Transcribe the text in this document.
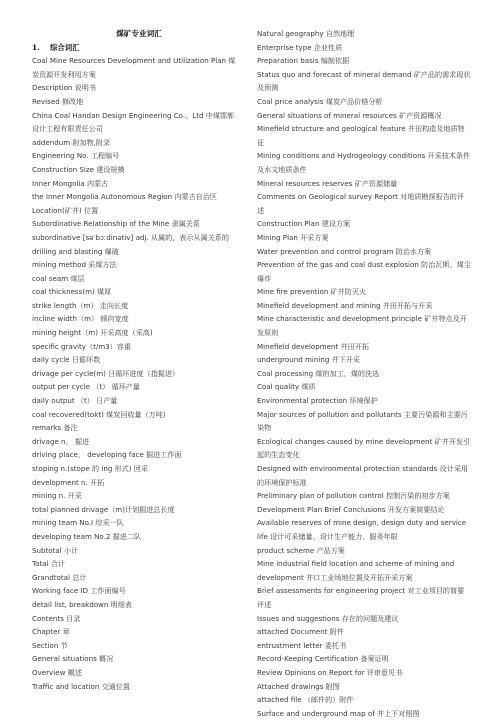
煤矿专业词汇
1. 综合词汇
Coal Mine Resources Development and Utilization Plan 煤炭资源开发利用方案
Description 说明书
Revised 修改地
China Coal Handan Design Engineering Co.、Ltd 中煤邯郸设计工程有限责任公司
addendum 附加物,附录
Engineering No. 工程编号
Construction Size 建设规模
Inner Mongolia 内蒙古
the Inner Mongolia Autonomous Region 内蒙古自治区
Location(矿井) 位置
Subordinative Relationship of the Mine 隶属关系
subordinative [səˈbɔːdinətiv] adj. 从属的，表示从属关系的
drilling and blasting 爆破
mining method 采煤方法
coal seam 煤层
coal thickness(m) 煤厚
strike length（m） 走向长度
incline width（m） 倾向宽度
mining height（m) 开采高度（采高)
specific gravity（t/m3）容重
daily cycle 日循环数
drivage per cycle(m) 日循环进度（指掘进）
output per cycle （t） 循环产量
daily output （t） 日产量
coal recovered(tokt) 煤炭回收量（万吨)
remarks 备注
drivage n。 掘进
driving place， developing face 掘进工作面
stoping n.(stope 的 ing 形式) 回采
development n. 开拓
mining n. 开采
total planned drivage（m)计划掘进总长度
mining team No.I 综采一队
developing team No.2 掘进二队
Subtotal 小计
Total 合计
Grandtotal 总计
Working face ID 工作面编号
detail list, breakdown 明细表
Contents 目录
Chapter 章
Section 节
General situations 概况
Overview 概述
Traffic and location 交通位置
Natural geography 自然地理
Enterprise type 企业性质
Preparation basis 编制依据
Status quo and forecast of mineral demand 矿产品的需求现状及预测
Coal price analysis 煤炭产品价格分析
General situations of mineral resources 矿产资源概况
Minefield structure and geological feature 井田构造及地质特征
Mining conditions and Hydrogeology conditions 开采技术条件及水文地质条件
Mineral resources reserves 矿产资源储量
Comments on Geological survey Report 对地质勘探报告的评述
Construction Plan 建设方案
Mining Plan 开采方案
Water prevention and control program 防治水方案
Prevention of the gas and coal dust explosion 防治瓦斯、煤尘爆炸
Mine fire prevention 矿井防灭火
Minefield development and mining 井田开拓与开采
Mine characteristic and development principle 矿井特点及开发原则
Minefield development 井田开拓
underground mining 井下开采
Coal processing 煤的加工，煤的洗选
Coal quality 煤质
Environmental protection 环境保护
Major sources of pollution and pollutants 主要污染源和主要污染物
Ecological changes caused by mine development 矿井开发引起的生态变化
Designed with environmental protection standards 设计采用的环境保护标准
Preliminary plan of pollution control 控制污染的初步方案
Development Plan Brief Conclusions 开发方案简要结论
Available reserves of mine design, design duty and service life 设计可采储量、设计生产能力、服务年限
product scheme 产品方案
Mine industrial field location and scheme of mining and development 井口工业场地位置及开拓开采方案
Brief assessments for engineering project 对工业项目的简要评述
Issues and suggestions 存在的问题及建议
attached Document 附件
entrustment letter 委托书
Record-Keeping Certification 备案证明
Review Opinions on Report for 评审意见书
Attached drawings 附图
attached file （邮件的）附件
Surface and underground map of 井上下对照图
